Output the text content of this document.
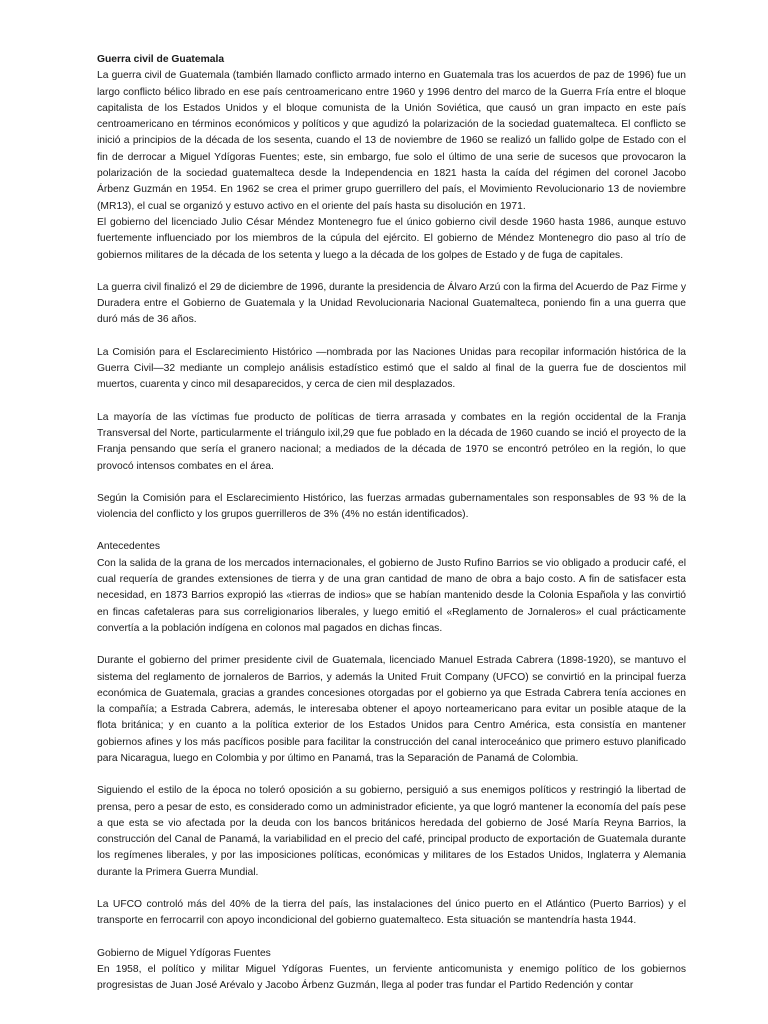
Guerra civil de Guatemala

La guerra civil de Guatemala (también llamado conflicto armado interno en Guatemala tras los acuerdos de paz de 1996) fue un largo conflicto bélico librado en ese país centroamericano entre 1960 y 1996 dentro del marco de la Guerra Fría entre el bloque capitalista de los Estados Unidos y el bloque comunista de la Unión Soviética, que causó un gran impacto en este país centroamericano en términos económicos y políticos y que agudizó la polarización de la sociedad guatemalteca. El conflicto se inició a principios de la década de los sesenta, cuando el 13 de noviembre de 1960 se realizó un fallido golpe de Estado con el fin de derrocar a Miguel Ydígoras Fuentes; este, sin embargo, fue solo el último de una serie de sucesos que provocaron la polarización de la sociedad guatemalteca desde la Independencia en 1821 hasta la caída del régimen del coronel Jacobo Árbenz Guzmán en 1954. En 1962 se crea el primer grupo guerrillero del país, el Movimiento Revolucionario 13 de noviembre (MR13), el cual se organizó y estuvo activo en el oriente del país hasta su disolución en 1971.

El gobierno del licenciado Julio César Méndez Montenegro fue el único gobierno civil desde 1960 hasta 1986, aunque estuvo fuertemente influenciado por los miembros de la cúpula del ejército. El gobierno de Méndez Montenegro dio paso al trío de gobiernos militares de la década de los setenta y luego a la década de los golpes de Estado y de fuga de capitales.

La guerra civil finalizó el 29 de diciembre de 1996, durante la presidencia de Álvaro Arzú con la firma del Acuerdo de Paz Firme y Duradera entre el Gobierno de Guatemala y la Unidad Revolucionaria Nacional Guatemalteca, poniendo fin a una guerra que duró más de 36 años.

La Comisión para el Esclarecimiento Histórico —nombrada por las Naciones Unidas para recopilar información histórica de la Guerra Civil—32 mediante un complejo análisis estadístico estimó que el saldo al final de la guerra fue de doscientos mil muertos, cuarenta y cinco mil desaparecidos, y cerca de cien mil desplazados.

La mayoría de las víctimas fue producto de políticas de tierra arrasada y combates en la región occidental de la Franja Transversal del Norte, particularmente el triángulo ixil,29 que fue poblado en la década de 1960 cuando se inció el proyecto de la Franja pensando que sería el granero nacional; a mediados de la década de 1970 se encontró petróleo en la región, lo que provocó intensos combates en el área.

Según la Comisión para el Esclarecimiento Histórico, las fuerzas armadas gubernamentales son responsables de 93 % de la violencia del conflicto y los grupos guerrilleros de 3% (4% no están identificados).

Antecedentes

Con la salida de la grana de los mercados internacionales, el gobierno de Justo Rufino Barrios se vio obligado a producir café, el cual requería de grandes extensiones de tierra y de una gran cantidad de mano de obra a bajo costo. A fin de satisfacer esta necesidad, en 1873 Barrios expropió las «tierras de indios» que se habían mantenido desde la Colonia Española y las convirtió en fincas cafetaleras para sus correligionarios liberales, y luego emitió el «Reglamento de Jornaleros» el cual prácticamente convertía a la población indígena en colonos mal pagados en dichas fincas.

Durante el gobierno del primer presidente civil de Guatemala, licenciado Manuel Estrada Cabrera (1898-1920), se mantuvo el sistema del reglamento de jornaleros de Barrios, y además la United Fruit Company (UFCO) se convirtió en la principal fuerza económica de Guatemala, gracias a grandes concesiones otorgadas por el gobierno ya que Estrada Cabrera tenía acciones en la compañía; a Estrada Cabrera, además, le interesaba obtener el apoyo norteamericano para evitar un posible ataque de la flota británica; y en cuanto a la política exterior de los Estados Unidos para Centro América, esta consistía en mantener gobiernos afines y los más pacíficos posible para facilitar la construcción del canal interoceánico que primero estuvo planificado para Nicaragua, luego en Colombia y por último en Panamá, tras la Separación de Panamá de Colombia.

Siguiendo el estilo de la época no toleró oposición a su gobierno, persiguió a sus enemigos políticos y restringió la libertad de prensa, pero a pesar de esto, es considerado como un administrador eficiente, ya que logró mantener la economía del país pese a que esta se vio afectada por la deuda con los bancos británicos heredada del gobierno de José María Reyna Barrios, la construcción del Canal de Panamá, la variabilidad en el precio del café, principal producto de exportación de Guatemala durante los regímenes liberales, y por las imposiciones políticas, económicas y militares de los Estados Unidos, Inglaterra y Alemania durante la Primera Guerra Mundial.

La UFCO controló más del 40% de la tierra del país, las instalaciones del único puerto en el Atlántico (Puerto Barrios) y el transporte en ferrocarril con apoyo incondicional del gobierno guatemalteco. Esta situación se mantendría hasta 1944.

Gobierno de Miguel Ydígoras Fuentes

En 1958, el político y militar Miguel Ydígoras Fuentes, un ferviente anticomunista y enemigo político de los gobiernos progresistas de Juan José Arévalo y Jacobo Árbenz Guzmán, llega al poder tras fundar el Partido Redención y contar
